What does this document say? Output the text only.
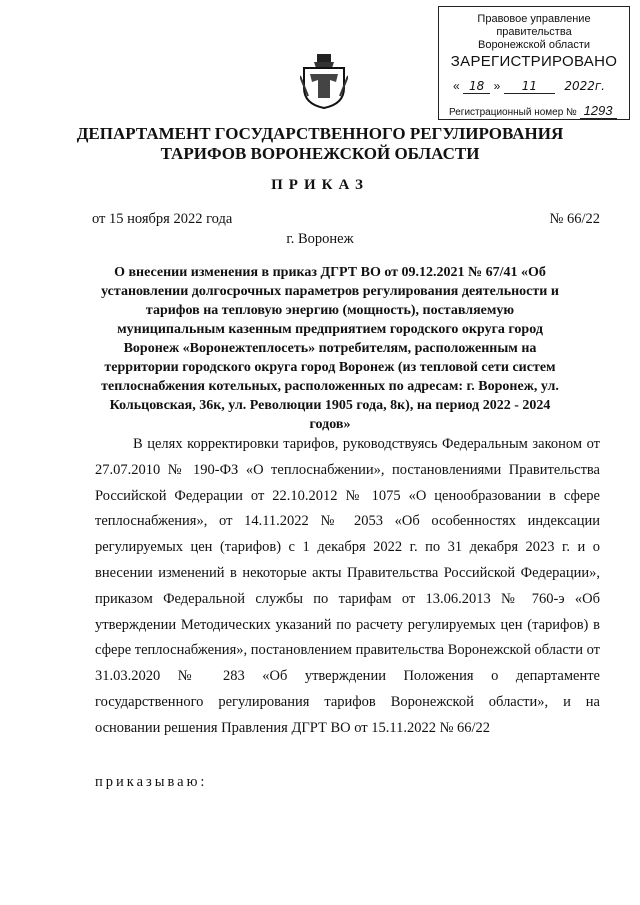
Правовое управление правительства
Воронежской области
ЗАРЕГИСТРИРОВАНО
« 18 » 11 2022г.
Регистрационный номер № 1293
ДЕПАРТАМЕНТ ГОСУДАРСТВЕННОГО РЕГУЛИРОВАНИЯ
ТАРИФОВ ВОРОНЕЖСКОЙ ОБЛАСТИ
ПРИКАЗ
от 15 ноября 2022 года	№ 66/22
г. Воронеж
О внесении изменения в приказ ДГРТ ВО от 09.12.2021 № 67/41 «Об установлении долгосрочных параметров регулирования деятельности и тарифов на тепловую энергию (мощность), поставляемую муниципальным казенным предприятием городского округа город Воронеж «Воронежтеплосеть» потребителям, расположенным на территории городского округа город Воронеж (из тепловой сети систем теплоснабжения котельных, расположенных по адресам: г. Воронеж, ул. Кольцовская, 36к, ул. Революции 1905 года, 8к), на период 2022 - 2024 годов»
В целях корректировки тарифов, руководствуясь Федеральным законом от 27.07.2010 № 190-ФЗ «О теплоснабжении», постановлениями Правительства Российской Федерации от 22.10.2012 № 1075 «О ценообразовании в сфере теплоснабжения», от 14.11.2022 № 2053 «Об особенностях индексации регулируемых цен (тарифов) с 1 декабря 2022 г. по 31 декабря 2023 г. и о внесении изменений в некоторые акты Правительства Российской Федерации», приказом Федеральной службы по тарифам от 13.06.2013 № 760-э «Об утверждении Методических указаний по расчету регулируемых цен (тарифов) в сфере теплоснабжения», постановлением правительства Воронежской области от 31.03.2020 № 283 «Об утверждении Положения о департаменте государственного регулирования тарифов Воронежской области», и на основании решения Правления ДГРТ ВО от 15.11.2022 № 66/22
приказываю:
